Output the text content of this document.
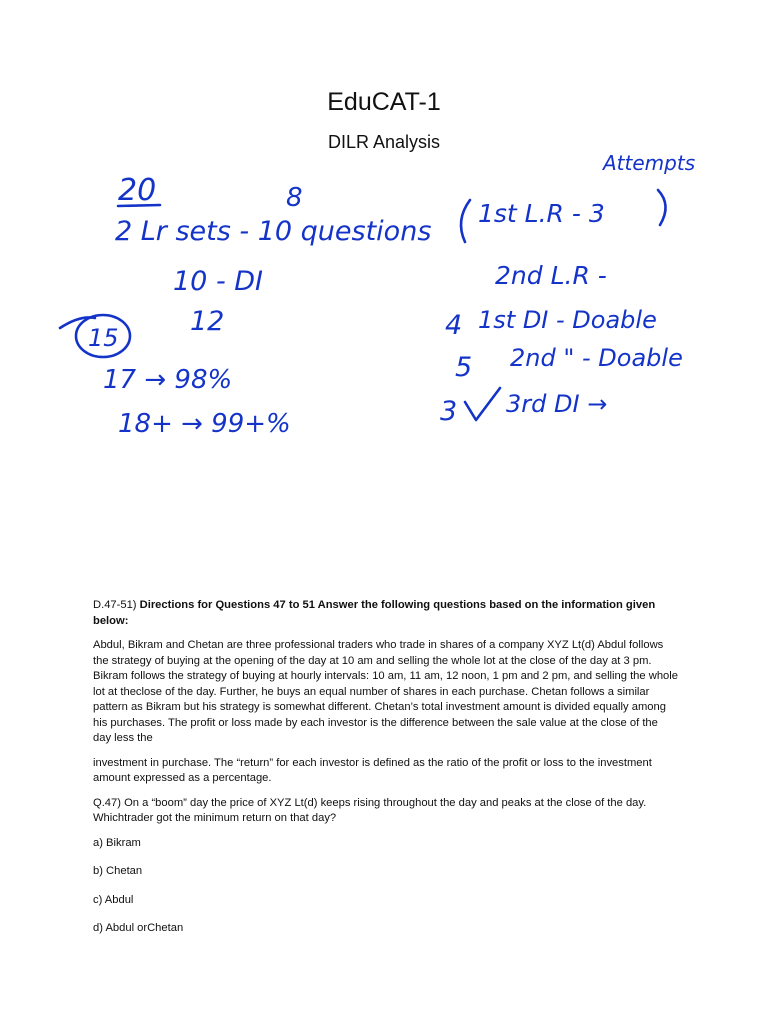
EduCAT-1
DILR Analysis
20	8
2 Lr sets - 10 questions
10 - DI
12
15
17 → 98%
18+ → 99+%
Attempts
1st L.R - 3
2nd L.R -
4 1st DI - Doable
5 2nd " - Doable
3 3rd DI →

D.47-51) Directions for Questions 47 to 51 Answer the following questions based on the information given below:

Abdul, Bikram and Chetan are three professional traders who trade in shares of a company XYZ Lt(d) Abdul follows the strategy of buying at the opening of the day at 10 am and selling the whole lot at the close of the day at 3 pm. Bikram follows the strategy of buying at hourly intervals: 10 am, 11 am, 12 noon, 1 pm and 2 pm, and selling the whole lot at theclose of the day. Further, he buys an equal number of shares in each purchase. Chetan follows a similar pattern as Bikram but his strategy is somewhat different. Chetan’s total investment amount is divided equally among his purchases. The profit or loss made by each investor is the difference between the sale value at the close of the day less the

investment in purchase. The “return” for each investor is defined as the ratio of the profit or loss to the investment amount expressed as a percentage.

Q.47) On a “boom” day the price of XYZ Lt(d) keeps rising throughout the day and peaks at the close of the day. Whichtrader got the minimum return on that day?

a) Bikram

b) Chetan

c) Abdul

d) Abdul orChetan
